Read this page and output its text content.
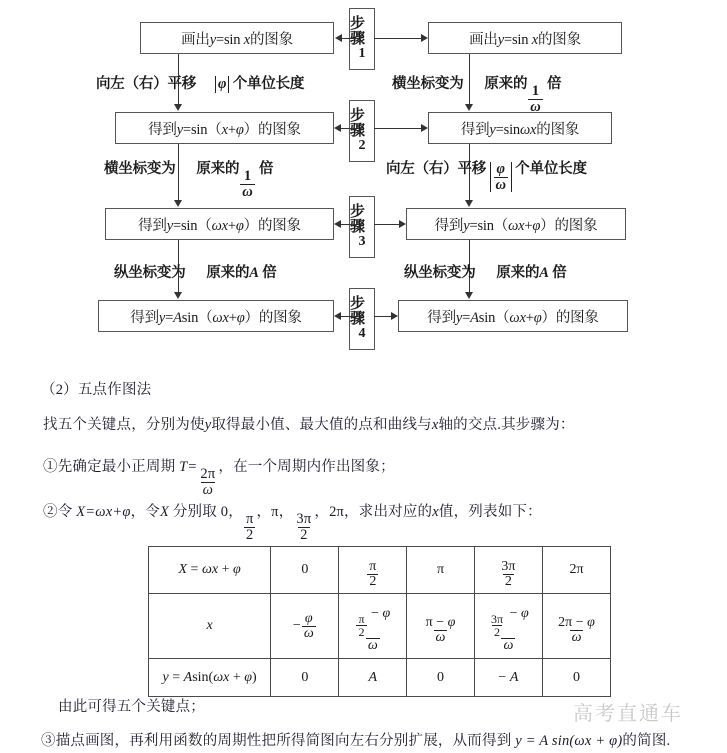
步骤
1
步骤
2
步骤
3
步骤
4
画出y=sin x的图象
得到y=sin（x+φ）的图象
得到y=sin（ωx+φ）的图象
得到y=Asin（ωx+φ）的图象
画出y=sin x的图象
得到y=sinωx的图象
得到y=sin（ωx+φ）的图象
得到y=Asin（ωx+φ）的图象
向左（右）平移 φ 个单位长度
横坐标变为 原来的
$\frac{1}{\omega}$
倍
纵坐标变为 原来的A 倍
横坐标变为 原来的
$\frac{1}{\omega}$
倍
向左（右）平移 $\frac{\varphi}{\omega}$ 个单位长度
纵坐标变为 原来的A 倍
（2）五点作图法
找五个关键点，分别为使y取得最小值、最大值的点和曲线与x轴的交点.其步骤为：
①先确定最小正周期 T=
$\frac{2\pi}{\omega}$
，在一个周期内作出图象；
②令 X=ωx+φ，令X 分别取 0，
$\frac{\pi}{2}$
，π，
$\frac{3\pi}{2}$
，2π，求出对应的x值，列表如下：
X = ωx + φ	0	$\frac{\pi}{2}$	π	$\frac{3\pi}{2}$	2π
x	− $\frac{\varphi}{\omega}$	$\frac{\frac{\pi}{2} - \varphi}{\omega}$	$\frac{\pi - \varphi}{\omega}$	$\frac{\frac{3\pi}{2} - \varphi}{\omega}$	$\frac{2\pi - \varphi}{\omega}$

y = Asin(ωx + φ)	0	A	0	− A	0
由此可得五个关键点；
③描点画图，再利用函数的周期性把所得简图向左右分别扩展，从而得到 y = A sin(ωx + φ)的简图.
高考直通车
